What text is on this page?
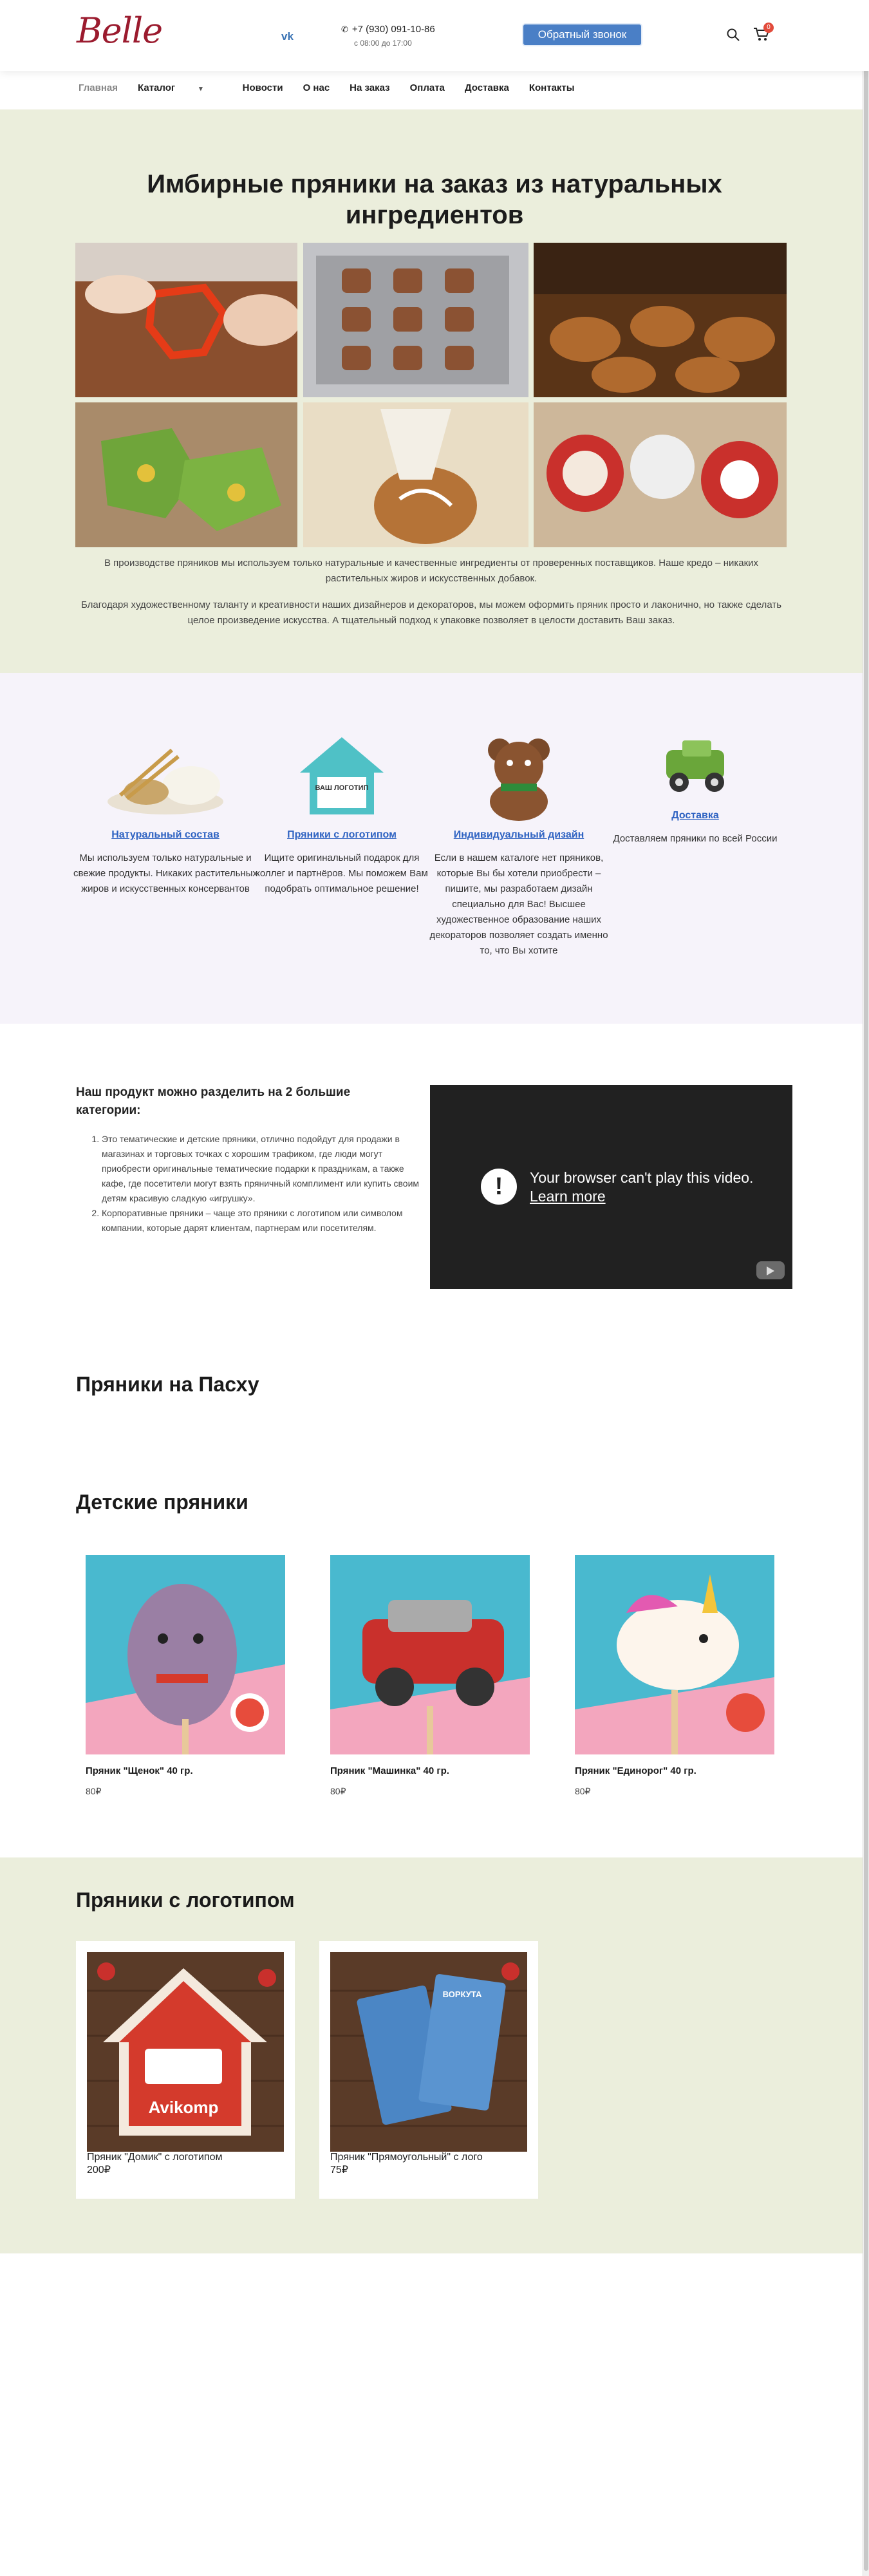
Belle	vk
✆ +7 (930) 091-10-86
с 08:00 до 17:00
Обратный звонок
0
Главная Каталог	▾	Новости О нас На заказ Оплата Доставка Контакты
Имбирные пряники на заказ из натуральных ингредиентов

В производстве пряников мы используем только натуральные и качественные ингредиенты от проверенных поставщиков. Наше кредо – никаких растительных жиров и искусственных добавок.

Благодаря художественному таланту и креативности наших дизайнеров и декораторов, мы можем оформить пряник просто и лаконично, но также сделать целое произведение искусства. А тщательный подход к упаковке позволяет в целости доставить Ваш заказ.

Натуральный состав
Мы используем только натуральные и свежие продукты. Никаких растительных жиров и искусственных консервантов
ВАШ ЛОГОТИП
Пряники с логотипом
Ищите оригинальный подарок для коллег и партнёров. Мы поможем Вам подобрать оптимальное решение!
Индивидуальный дизайн
Если в нашем каталоге нет пряников, которые Вы бы хотели приобрести – пишите, мы разработаем дизайн специально для Вас! Высшее художественное образование наших декораторов позволяет создать именно то, что Вы хотите
Доставка
Доставляем пряники по всей России
Наш продукт можно разделить на 2 большие категории:
1. Это тематические и детские пряники, отлично подойдут для продажи в магазинах и торговых точках с хорошим трафиком, где люди могут приобрести оригинальные тематические подарки к праздникам, а также кафе, где посетители могут взять пряничный комплимент или купить своим детям красивую сладкую «игрушку».
2. Корпоративные пряники – чаще это пряники с логотипом или символом компании, которые дарят клиентам, партнерам или посетителям.
!	Your browser can't play this video.
Learn more
Пряники на Пасху
Детские пряники
Пряник "Щенок" 40 гр.
80₽
Пряник "Машинка" 40 гр.
80₽
Пряник "Единорог" 40 гр.
80₽
Пряники с логотипом
Avikomp
Пряник "Домик" с логотипом
200₽
ВОРКУТА
Пряник "Прямоугольный" с лого
75₽
